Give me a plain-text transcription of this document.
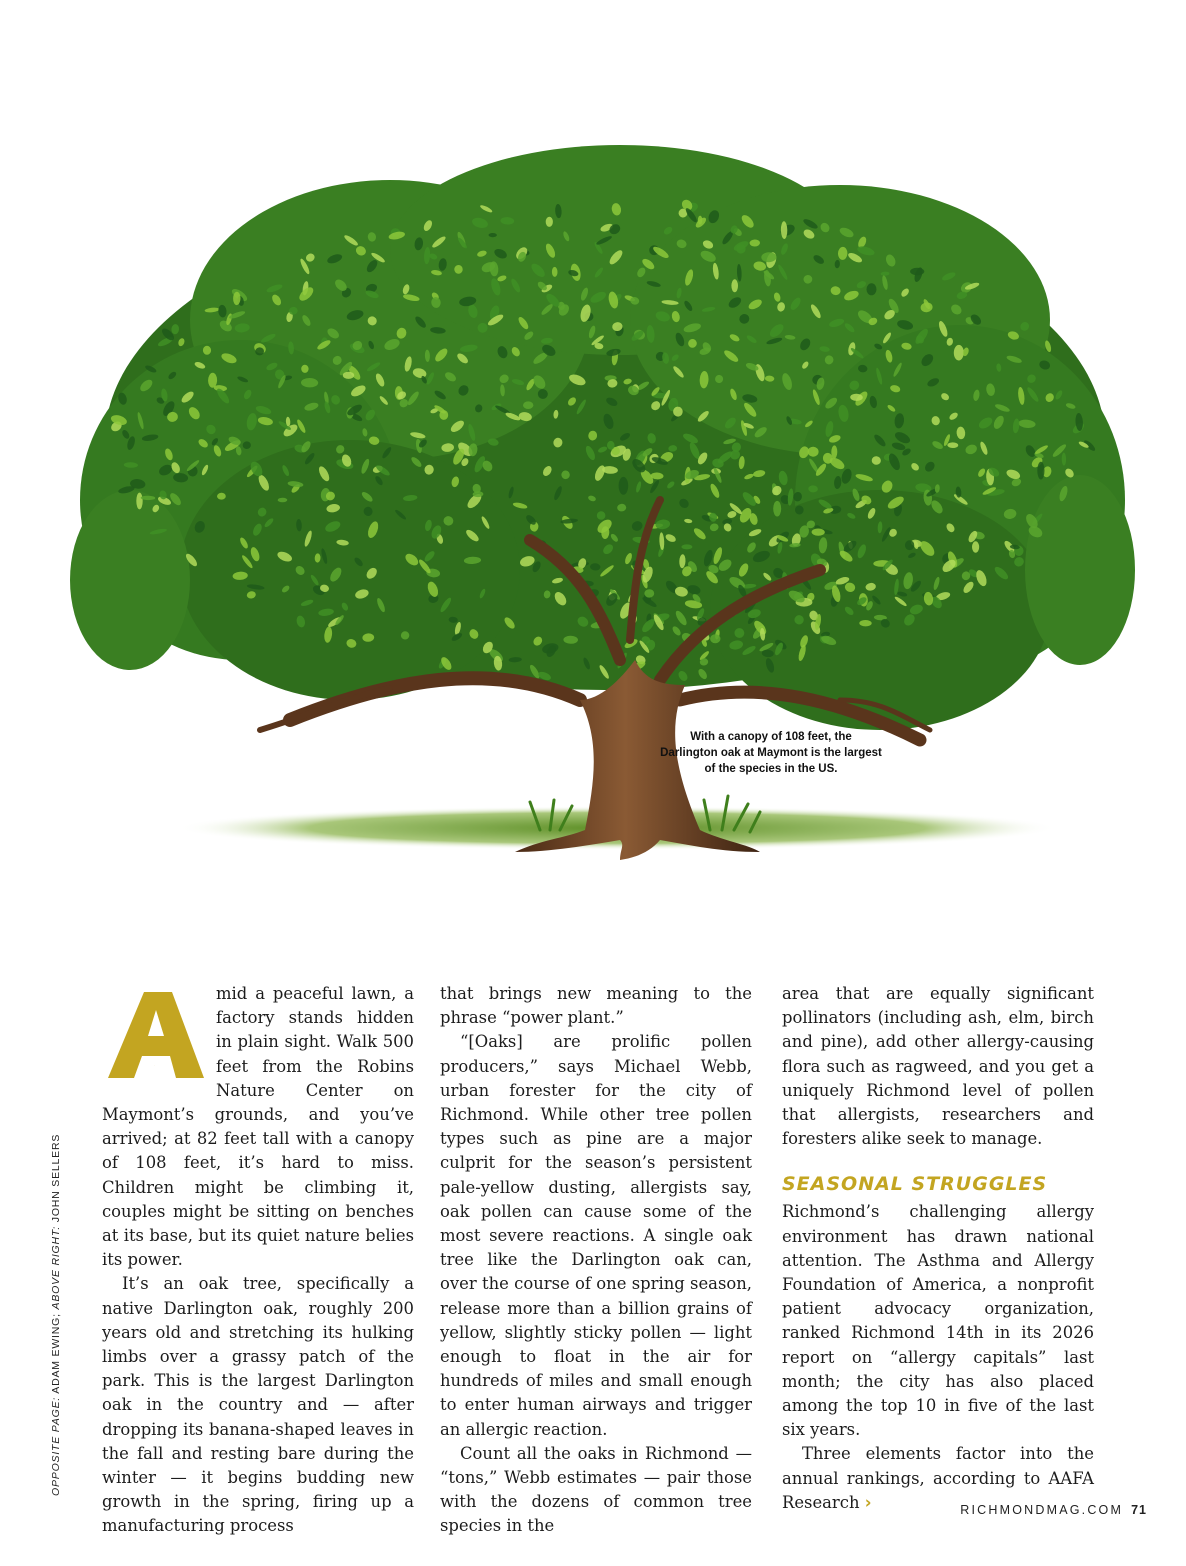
With a canopy of 108 feet, the Darlington oak at Maymont is the largest of the species in the US.
A

mid a peaceful lawn, a factory stands hidden in plain sight. Walk 500 feet from the Robins Nature Center on Maymont’s grounds, and you’ve arrived; at 82 feet tall with a canopy of 108 feet, it’s hard to miss. Children might be climbing it, couples might be sitting on benches at its base, but its quiet nature belies its power.

It’s an oak tree, specifically a native Darlington oak, roughly 200 years old and stretching its hulking limbs over a grassy patch of the park. This is the largest Darlington oak in the country and — after dropping its banana-shaped leaves in the fall and resting bare during the winter — it begins budding new growth in the spring, firing up a manufacturing process

that brings new meaning to the phrase “power plant.”

“[Oaks] are prolific pollen producers,” says Michael Webb, urban forester for the city of Richmond. While other tree pollen types such as pine are a major culprit for the season’s persistent pale-yellow dusting, allergists say, oak pollen can cause some of the most severe reactions. A single oak tree like the Darlington oak can, over the course of one spring season, release more than a billion grains of yellow, slightly sticky pollen — light enough to float in the air for hundreds of miles and small enough to enter human airways and trigger an allergic reaction.

Count all the oaks in Richmond — “tons,” Webb estimates — pair those with the dozens of common tree species in the

area that are equally significant pollinators (including ash, elm, birch and pine), add other allergy-causing flora such as ragweed, and you get a uniquely Richmond level of pollen that allergists, researchers and foresters alike seek to manage.

SEASONAL STRUGGLES

Richmond’s challenging allergy environment has drawn national attention. The Asthma and Allergy Foundation of America, a nonprofit patient advocacy organization, ranked Richmond 14th in its 2026 report on “allergy capitals” last month; the city has also placed among the top 10 in five of the last six years.

Three elements factor into the annual rankings, according to AAFA Research ›

OPPOSITE PAGE: ADAM EWING; ABOVE RIGHT: JOHN SELLERS
RICHMONDMAG.COM 71
